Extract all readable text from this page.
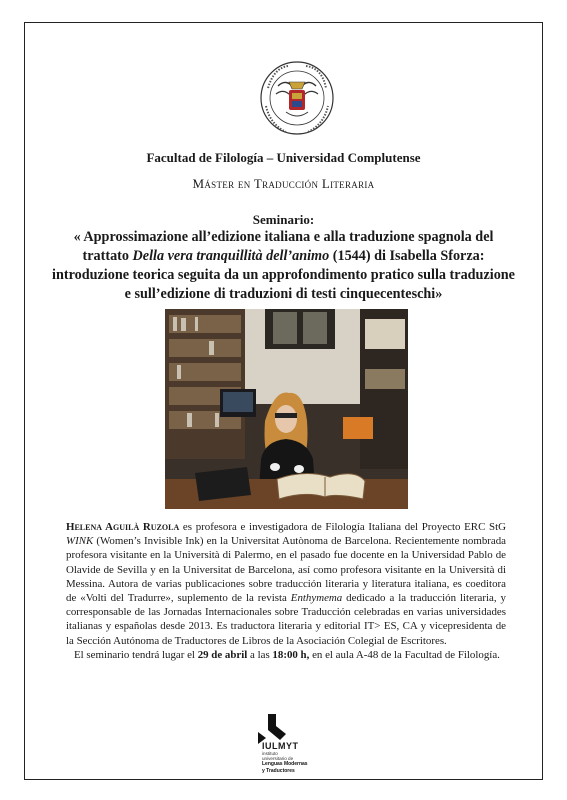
Facultad de Filología – Universidad Complutense
Máster en Traducción Literaria
Seminario:
« Approssimazione all’edizione italiana e alla traduzione spagnola del trattato Della vera tranquillità dell’animo (1544) di Isabella Sforza: introduzione teorica seguita da un approfondimento pratico sulla traduzione e sull’edizione di traduzioni di testi cinquecenteschi»
Helena Aguilà Ruzola es profesora e investigadora de Filología Italiana del Proyecto ERC StG WINK (Women’s Invisible Ink) en la Universitat Autònoma de Barcelona. Recientemente nombrada profesora visitante en la Università di Palermo, en el pasado fue docente en la Universidad Pablo de Olavide de Sevilla y en la Universitat de Barcelona, así como profesora visitante en la Università di Messina. Autora de varias publicaciones sobre traducción literaria y literatura italiana, es coeditora de «Volti del Tradurre», suplemento de la revista Enthymema dedicado a la traducción literaria, y corresponsable de las Jornadas Internacionales sobre Traducción celebradas en varias universidades italianas y españolas desde 2013. Es traductora literaria y editorial IT> ES, CA y vicepresidenta de la Sección Autónoma de Traductores de Libros de la Asociación Colegial de Escritores.
El seminario tendrá lugar el 29 de abril a las 18:00 h, en el aula A-48 de la Facultad de Filología.
IULMYT
instituto
universitario de
Lenguas Modernas
y Traductores
